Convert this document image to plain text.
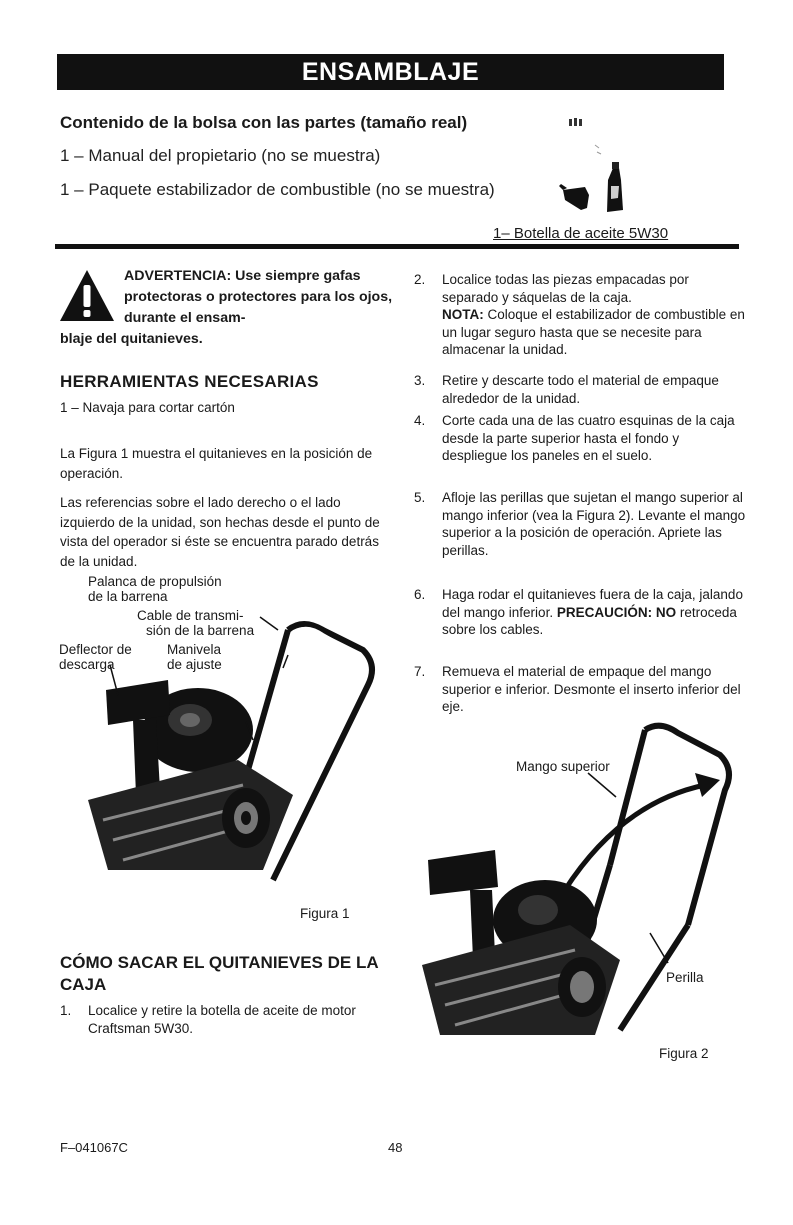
ENSAMBLAJE
Contenido de la bolsa con las partes (tamaño real)
1 – Manual del propietario (no se muestra)
1 – Paquete estabilizador de combustible (no se muestra)
1– Botella de aceite 5W30
ADVERTENCIA: Use siempre gafas protectoras o protectores para los ojos, durante el ensam-
blaje del quitanieves.
HERRAMIENTAS NECESARIAS
1 – Navaja para cortar cartón
La Figura 1 muestra el quitanieves en la posición de operación.
Las referencias sobre el lado derecho o el lado izquierdo de la unidad, son hechas desde el punto de vista del operador si éste se encuentra parado detrás de la unidad.
Palanca de propulsión
de la barrena
Cable de transmi-
sión de la barrena
Deflector de
descarga
Manivela
de ajuste
Figura 1
CÓMO SACAR EL QUITANIEVES DE LA CAJA
1. Localice y retire la botella de aceite de motor Craftsman 5W30.
2. Localice todas las piezas empacadas por separado y sáquelas de la caja.
NOTA: Coloque el estabilizador de combustible en un lugar seguro hasta que se necesite para almacenar la unidad.
3. Retire y descarte todo el material de empaque alrededor de la unidad.
4. Corte cada una de las cuatro esquinas de la caja desde la parte superior hasta el fondo y despliegue los paneles en el suelo.
5. Afloje las perillas que sujetan el mango superior al mango inferior (vea la Figura 2). Levante el mango superior a la posición de operación. Apriete las perillas.
6. Haga rodar el quitanieves fuera de la caja, jalando del mango inferior. PRECAUCIÓN: NO retroceda sobre los cables.
7. Remueva el material de empaque del mango superior e inferior. Desmonte el inserto inferior del eje.
Mango superior
Perilla
Figura 2
F–041067C	48
